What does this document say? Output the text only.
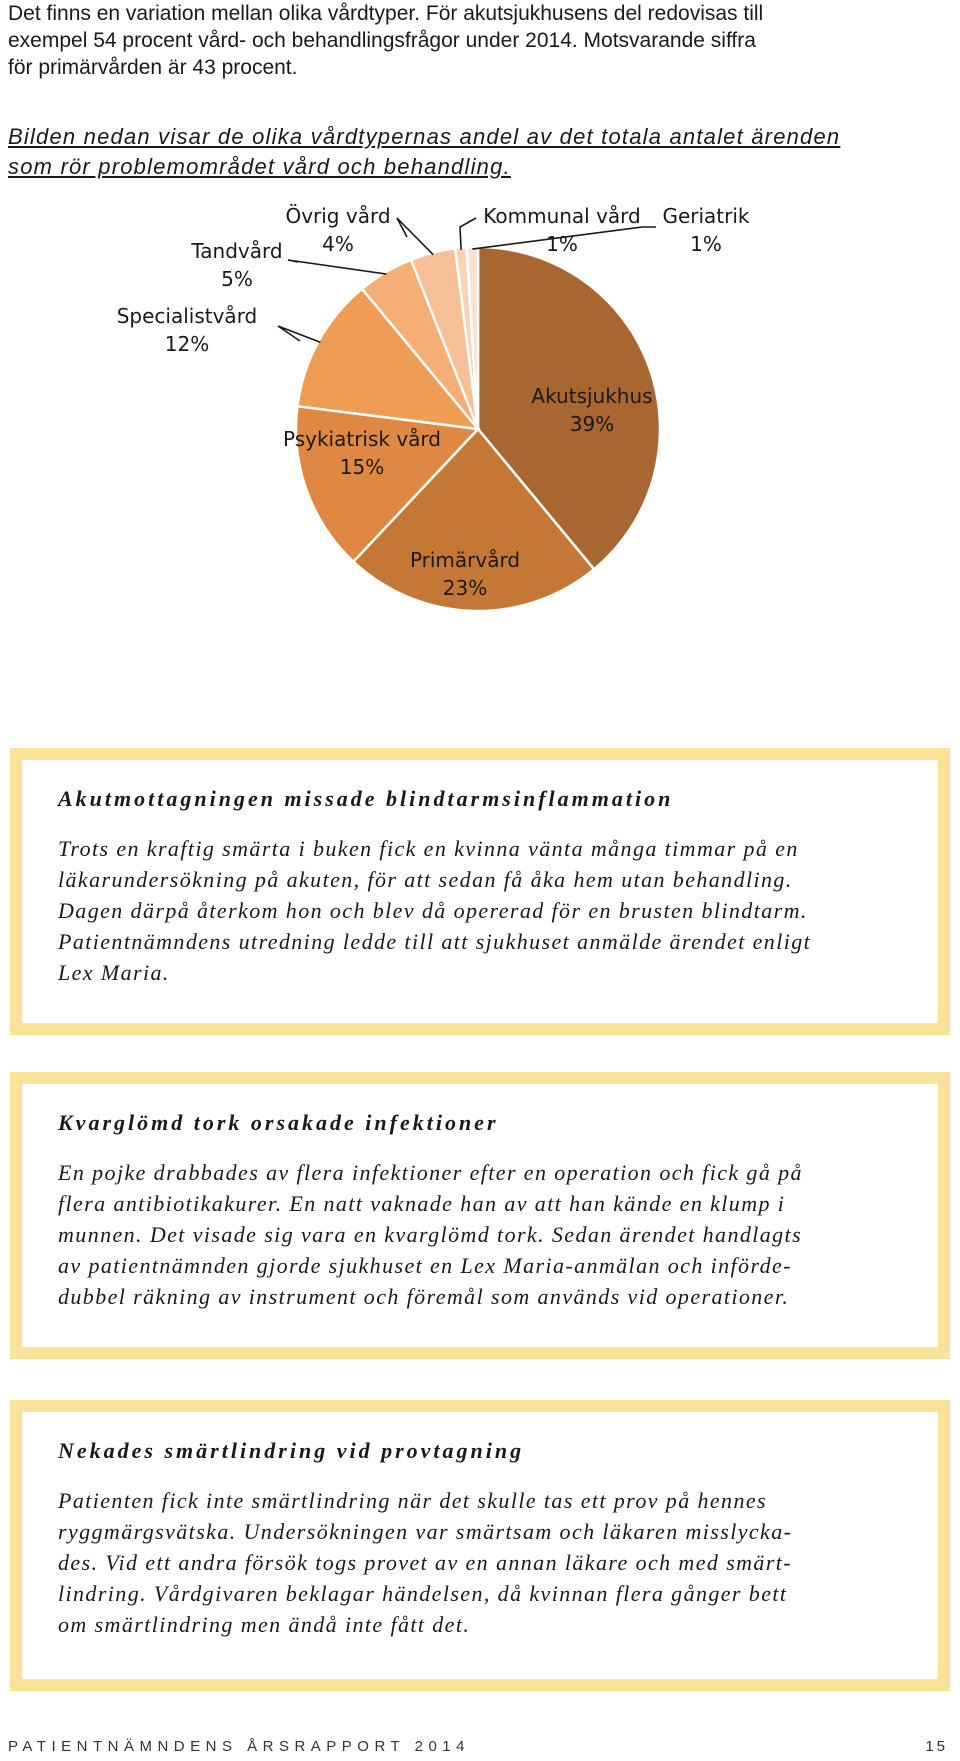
Det finns en variation mellan olika vårdtyper. För akutsjukhusens del redovisas till

exempel 54 procent vård- och behandlingsfrågor under 2014. Motsvarande siffra

för primärvården är 43 procent.

Bilden nedan visar de olika vårdtypernas andel av det totala antalet ärenden
som rör problemområdet vård och behandling.
Akutsjukhus
39%
Primärvård
23%
Psykiatrisk vård
15%
Specialistvård
12%
Tandvård
5%
Övrig vård
4%
Kommunal vård
1%
Geriatrik
1%

Akutmottagningen missade blindtarmsinflammation

Trots en kraftig smärta i buken fick en kvinna vänta många timmar på en

läkarundersökning på akuten, för att sedan få åka hem utan behandling.

Dagen därpå återkom hon och blev då opererad för en brusten blindtarm.

Patientnämndens utredning ledde till att sjukhuset anmälde ärendet enligt

Lex Maria.

Kvarglömd tork orsakade infektioner

En pojke drabbades av flera infektioner efter en operation och fick gå på

flera antibiotikakurer. En natt vaknade han av att han kände en klump i

munnen. Det visade sig vara en kvarglömd tork. Sedan ärendet handlagts

av patientnämnden gjorde sjukhuset en Lex Maria-anmälan och införde-

dubbel räkning av instrument och föremål som används vid operationer.

Nekades smärtlindring vid provtagning

Patienten fick inte smärtlindring när det skulle tas ett prov på hennes

ryggmärgsvätska. Undersökningen var smärtsam och läkaren misslycka-

des. Vid ett andra försök togs provet av en annan läkare och med smärt-

lindring. Vårdgivaren beklagar händelsen, då kvinnan flera gånger bett

om smärtlindring men ändå inte fått det.

PATIENTNÄMNDENS ÅRSRAPPORT 2014	15
